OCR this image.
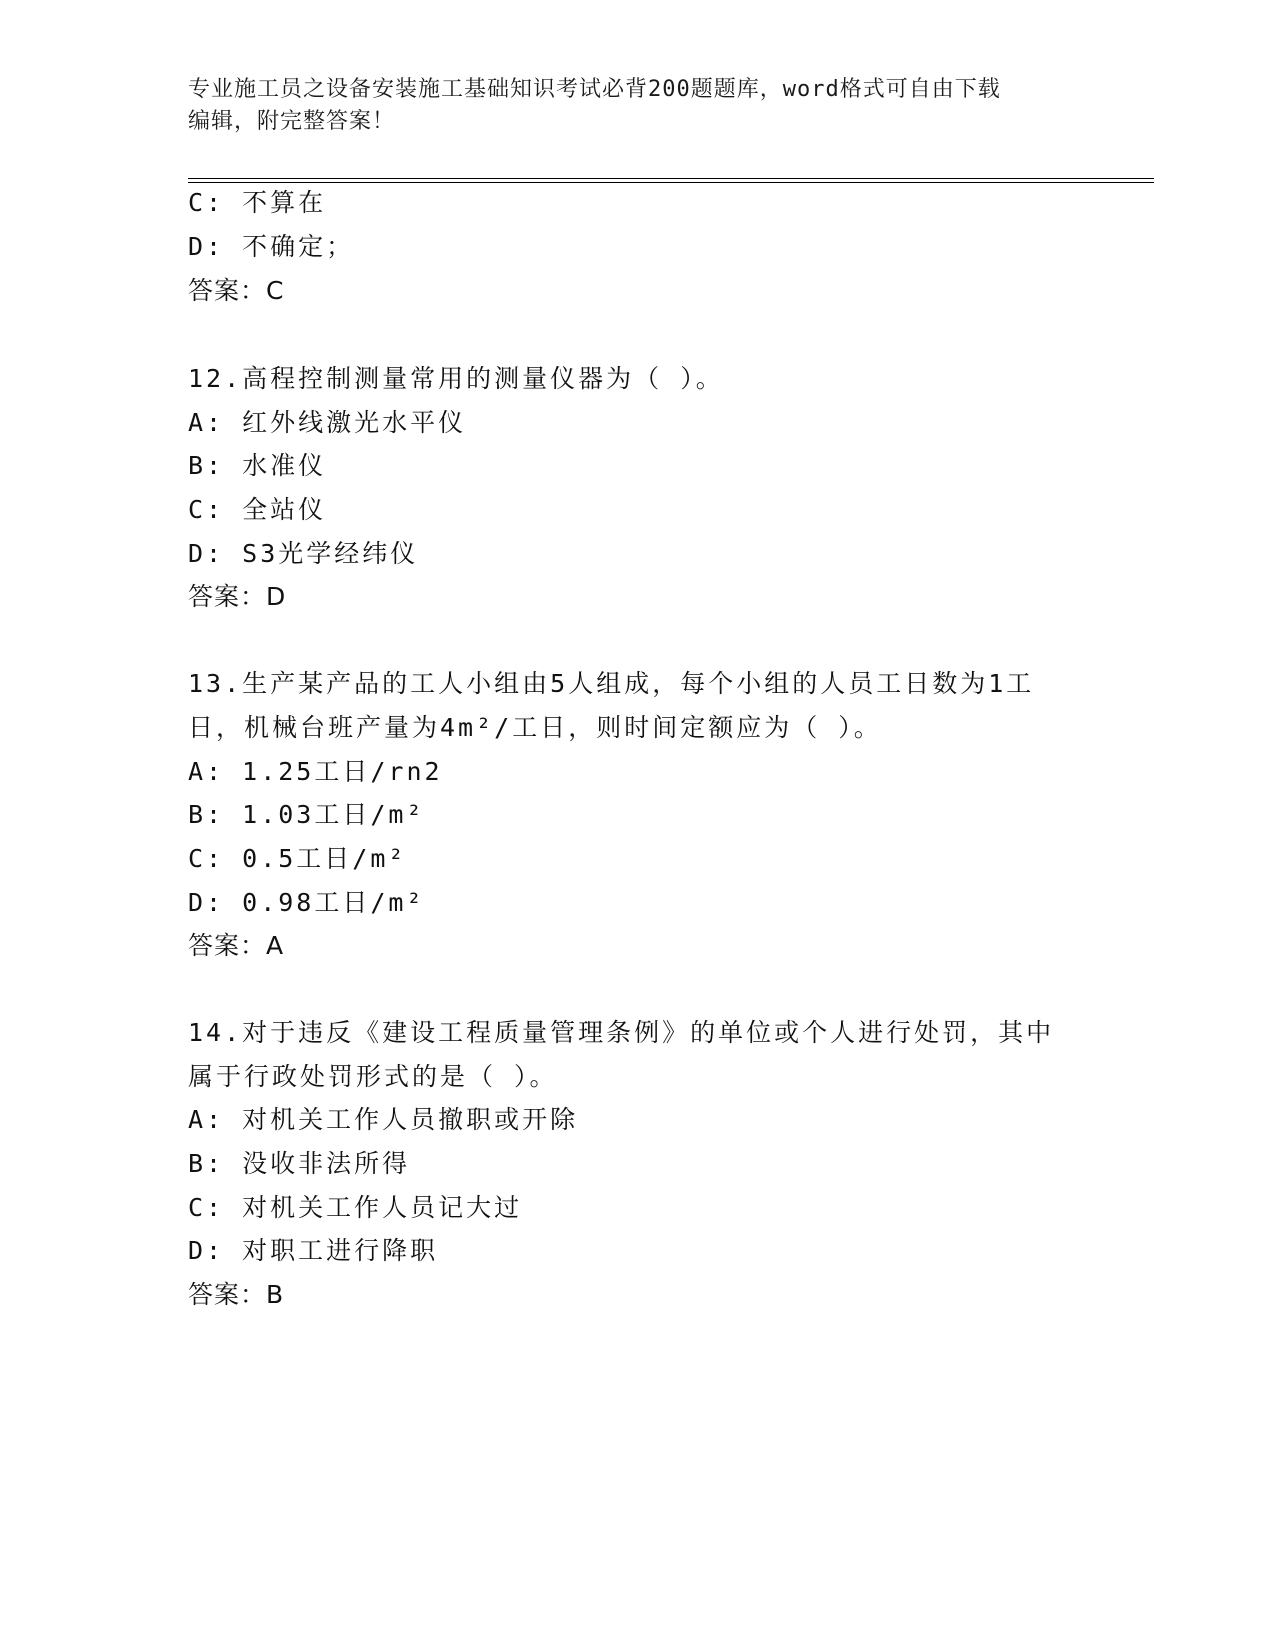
专业施工员之设备安装施工基础知识考试必背200题题库，word格式可自由下载
编辑，附完整答案！
C: 不算在
D: 不确定；
答案：C
12.高程控制测量常用的测量仪器为（ ）。
A: 红外线激光水平仪
B: 水准仪
C: 全站仪
D: S3光学经纬仪
答案：D
13.生产某产品的工人小组由5人组成，每个小组的人员工日数为1工
日，机械台班产量为4m²/工日，则时间定额应为（ ）。
A: 1.25工日/rn2
B: 1.03工日/m²
C: 0.5工日/m²
D: 0.98工日/m²
答案：A
14.对于违反《建设工程质量管理条例》的单位或个人进行处罚，其中
属于行政处罚形式的是（ ）。
A: 对机关工作人员撤职或开除
B: 没收非法所得
C: 对机关工作人员记大过
D: 对职工进行降职
答案：B
